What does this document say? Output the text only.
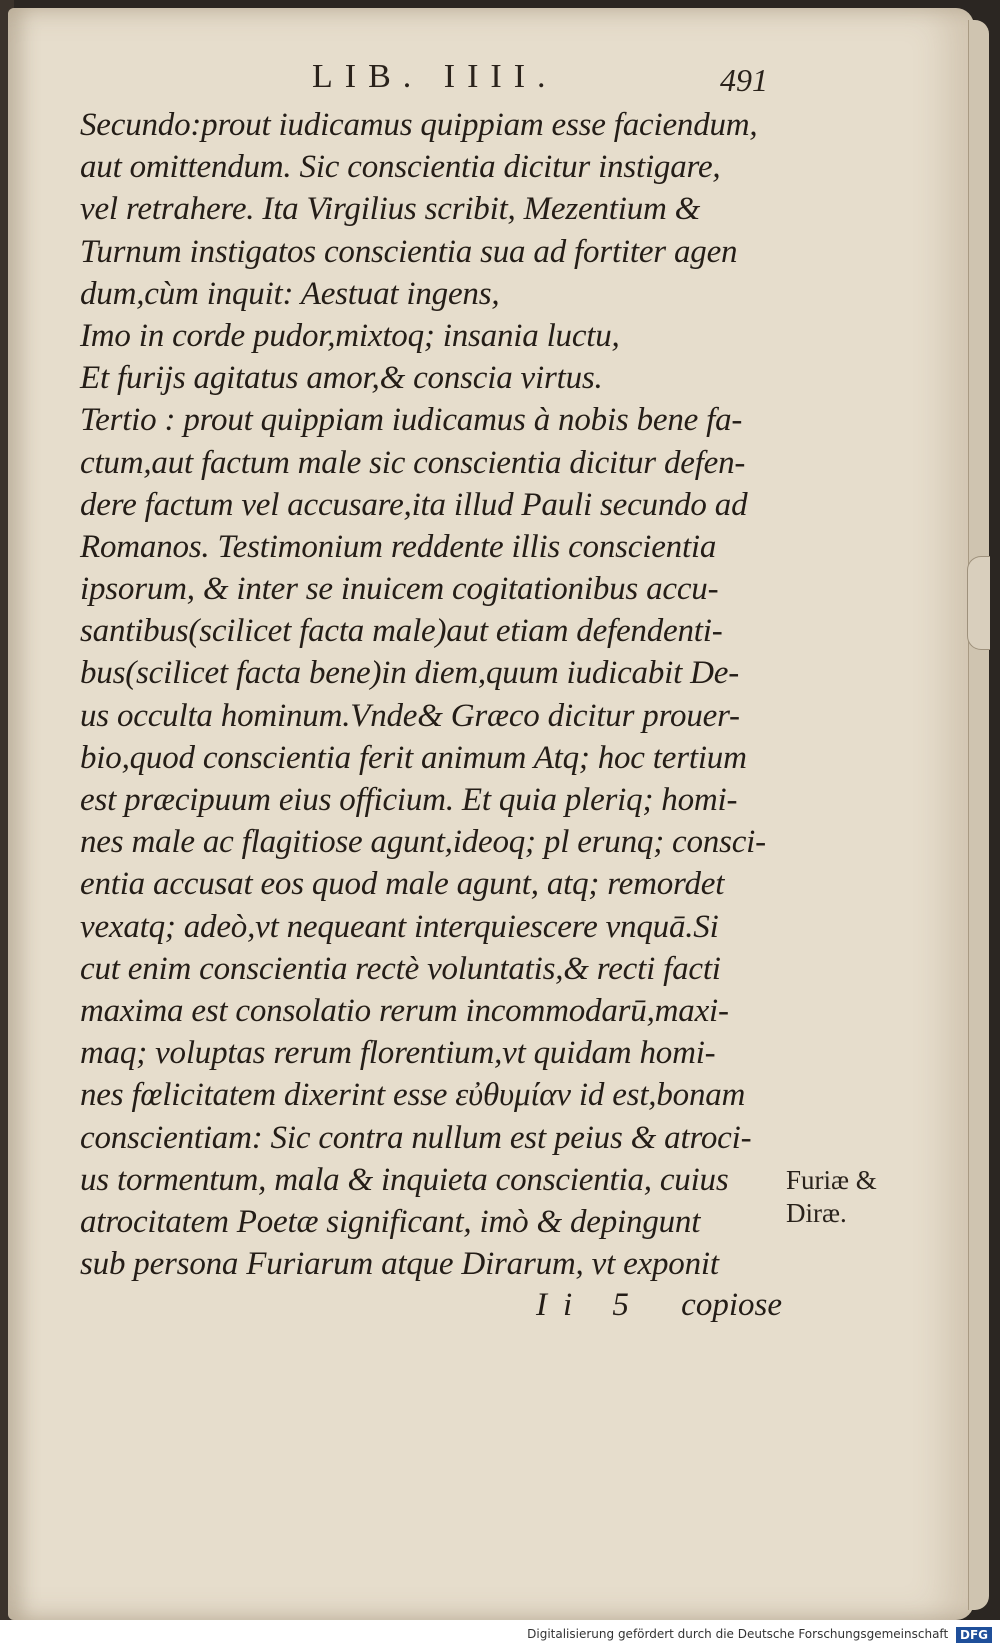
LIB. IIII.	491
Secundo:prout iudicamus quippiam esse faciendum,
aut omittendum. Sic conscientia dicitur instigare,
vel retrahere. Ita Virgilius scribit, Mezentium &
Turnum instigatos conscientia sua ad fortiter agen
dum,cùm inquit: Aestuat ingens,
Imo in corde pudor,mixtoq; insania luctu,
Et furijs agitatus amor,& conscia virtus.
Tertio : prout quippiam iudicamus à nobis bene fa-
ctum,aut factum male sic conscientia dicitur defen-
dere factum vel accusare,ita illud Pauli secundo ad
Romanos. Testimonium reddente illis conscientia
ipsorum, & inter se inuicem cogitationibus accu-
santibus(scilicet facta male)aut etiam defendenti-
bus(scilicet facta bene)in diem,quum iudicabit De-
us occulta hominum.Vnde& Græco dicitur prouer-
bio,quod conscientia ferit animum Atq; hoc tertium
est præcipuum eius officium. Et quia pleriq; homi-
nes male ac flagitiose agunt,ideoq; pl erunq; consci-
entia accusat eos quod male agunt, atq; remordet
vexatq; adeò,vt nequeant interquiescere vnquā.Si
cut enim conscientia rectè voluntatis,& recti facti
maxima est consolatio rerum incommodarū,maxi-
maq; voluptas rerum florentium,vt quidam homi-
nes fœlicitatem dixerint esse εὐθυμίαν id est,bonam
conscientiam: Sic contra nullum est peius & atroci-
us tormentum, mala & inquieta conscientia, cuius
atrocitatem Poetæ significant, imò & depingunt
sub persona Furiarum atque Dirarum, vt exponit
Ii 5 copiose
Furiæ &
Diræ.
Digitalisierung gefördert durch die Deutsche Forschungsgemeinschaft DFG
